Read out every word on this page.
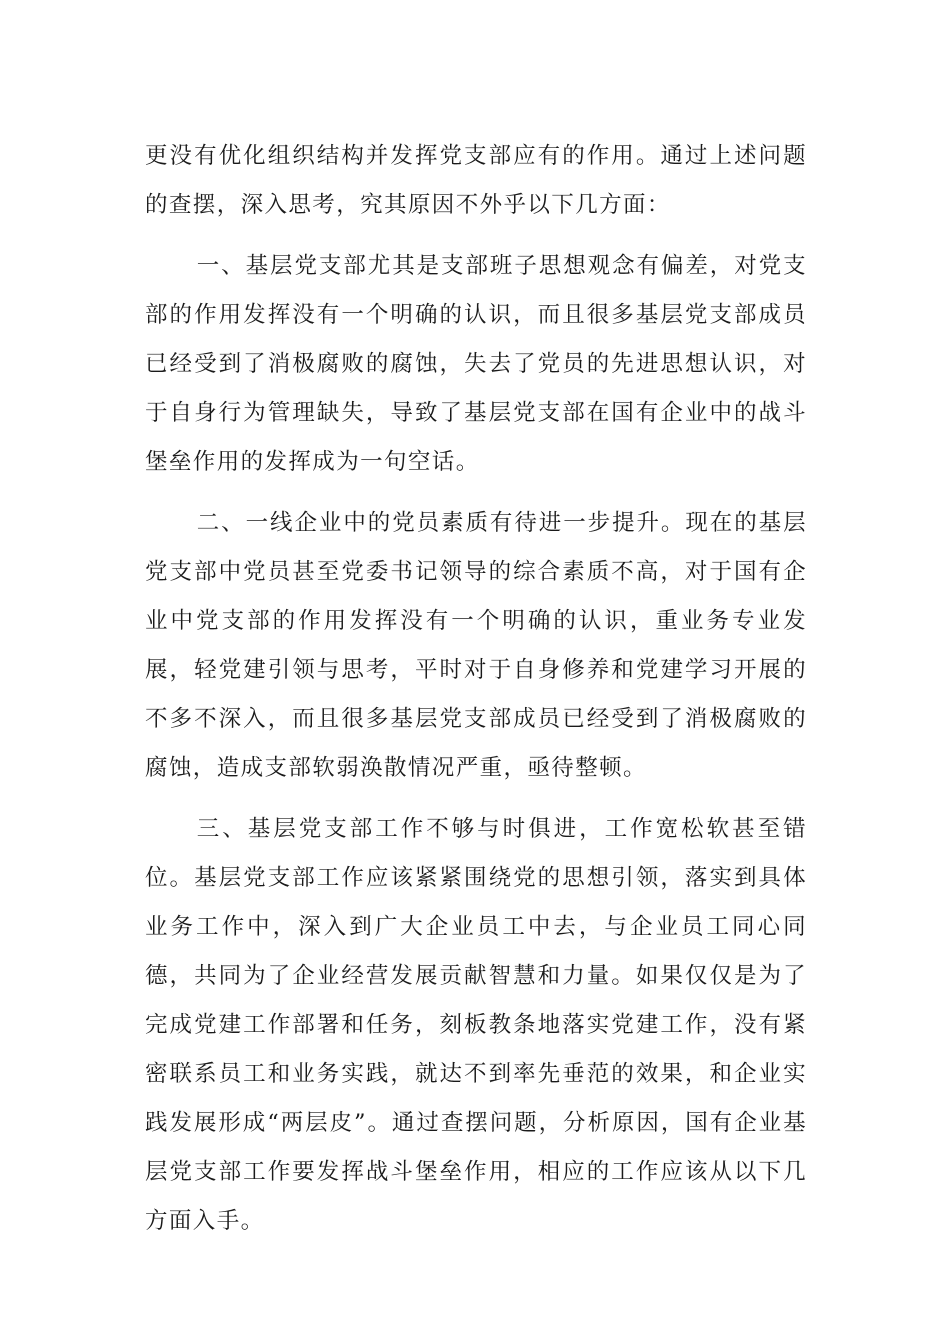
更没有优化组织结构并发挥党支部应有的作用。通过上述问题的查摆，深入思考，究其原因不外乎以下几方面：

一、基层党支部尤其是支部班子思想观念有偏差，对党支部的作用发挥没有一个明确的认识，而且很多基层党支部成员已经受到了消极腐败的腐蚀，失去了党员的先进思想认识，对于自身行为管理缺失，导致了基层党支部在国有企业中的战斗堡垒作用的发挥成为一句空话。

二、一线企业中的党员素质有待进一步提升。现在的基层党支部中党员甚至党委书记领导的综合素质不高，对于国有企业中党支部的作用发挥没有一个明确的认识，重业务专业发展，轻党建引领与思考，平时对于自身修养和党建学习开展的不多不深入，而且很多基层党支部成员已经受到了消极腐败的腐蚀，造成支部软弱涣散情况严重，亟待整顿。

三、基层党支部工作不够与时俱进，工作宽松软甚至错位。基层党支部工作应该紧紧围绕党的思想引领，落实到具体业务工作中，深入到广大企业员工中去，与企业员工同心同德，共同为了企业经营发展贡献智慧和力量。如果仅仅是为了完成党建工作部署和任务，刻板教条地落实党建工作，没有紧密联系员工和业务实践，就达不到率先垂范的效果，和企业实践发展形成“两层皮”。通过查摆问题，分析原因，国有企业基层党支部工作要发挥战斗堡垒作用，相应的工作应该从以下几方面入手。
